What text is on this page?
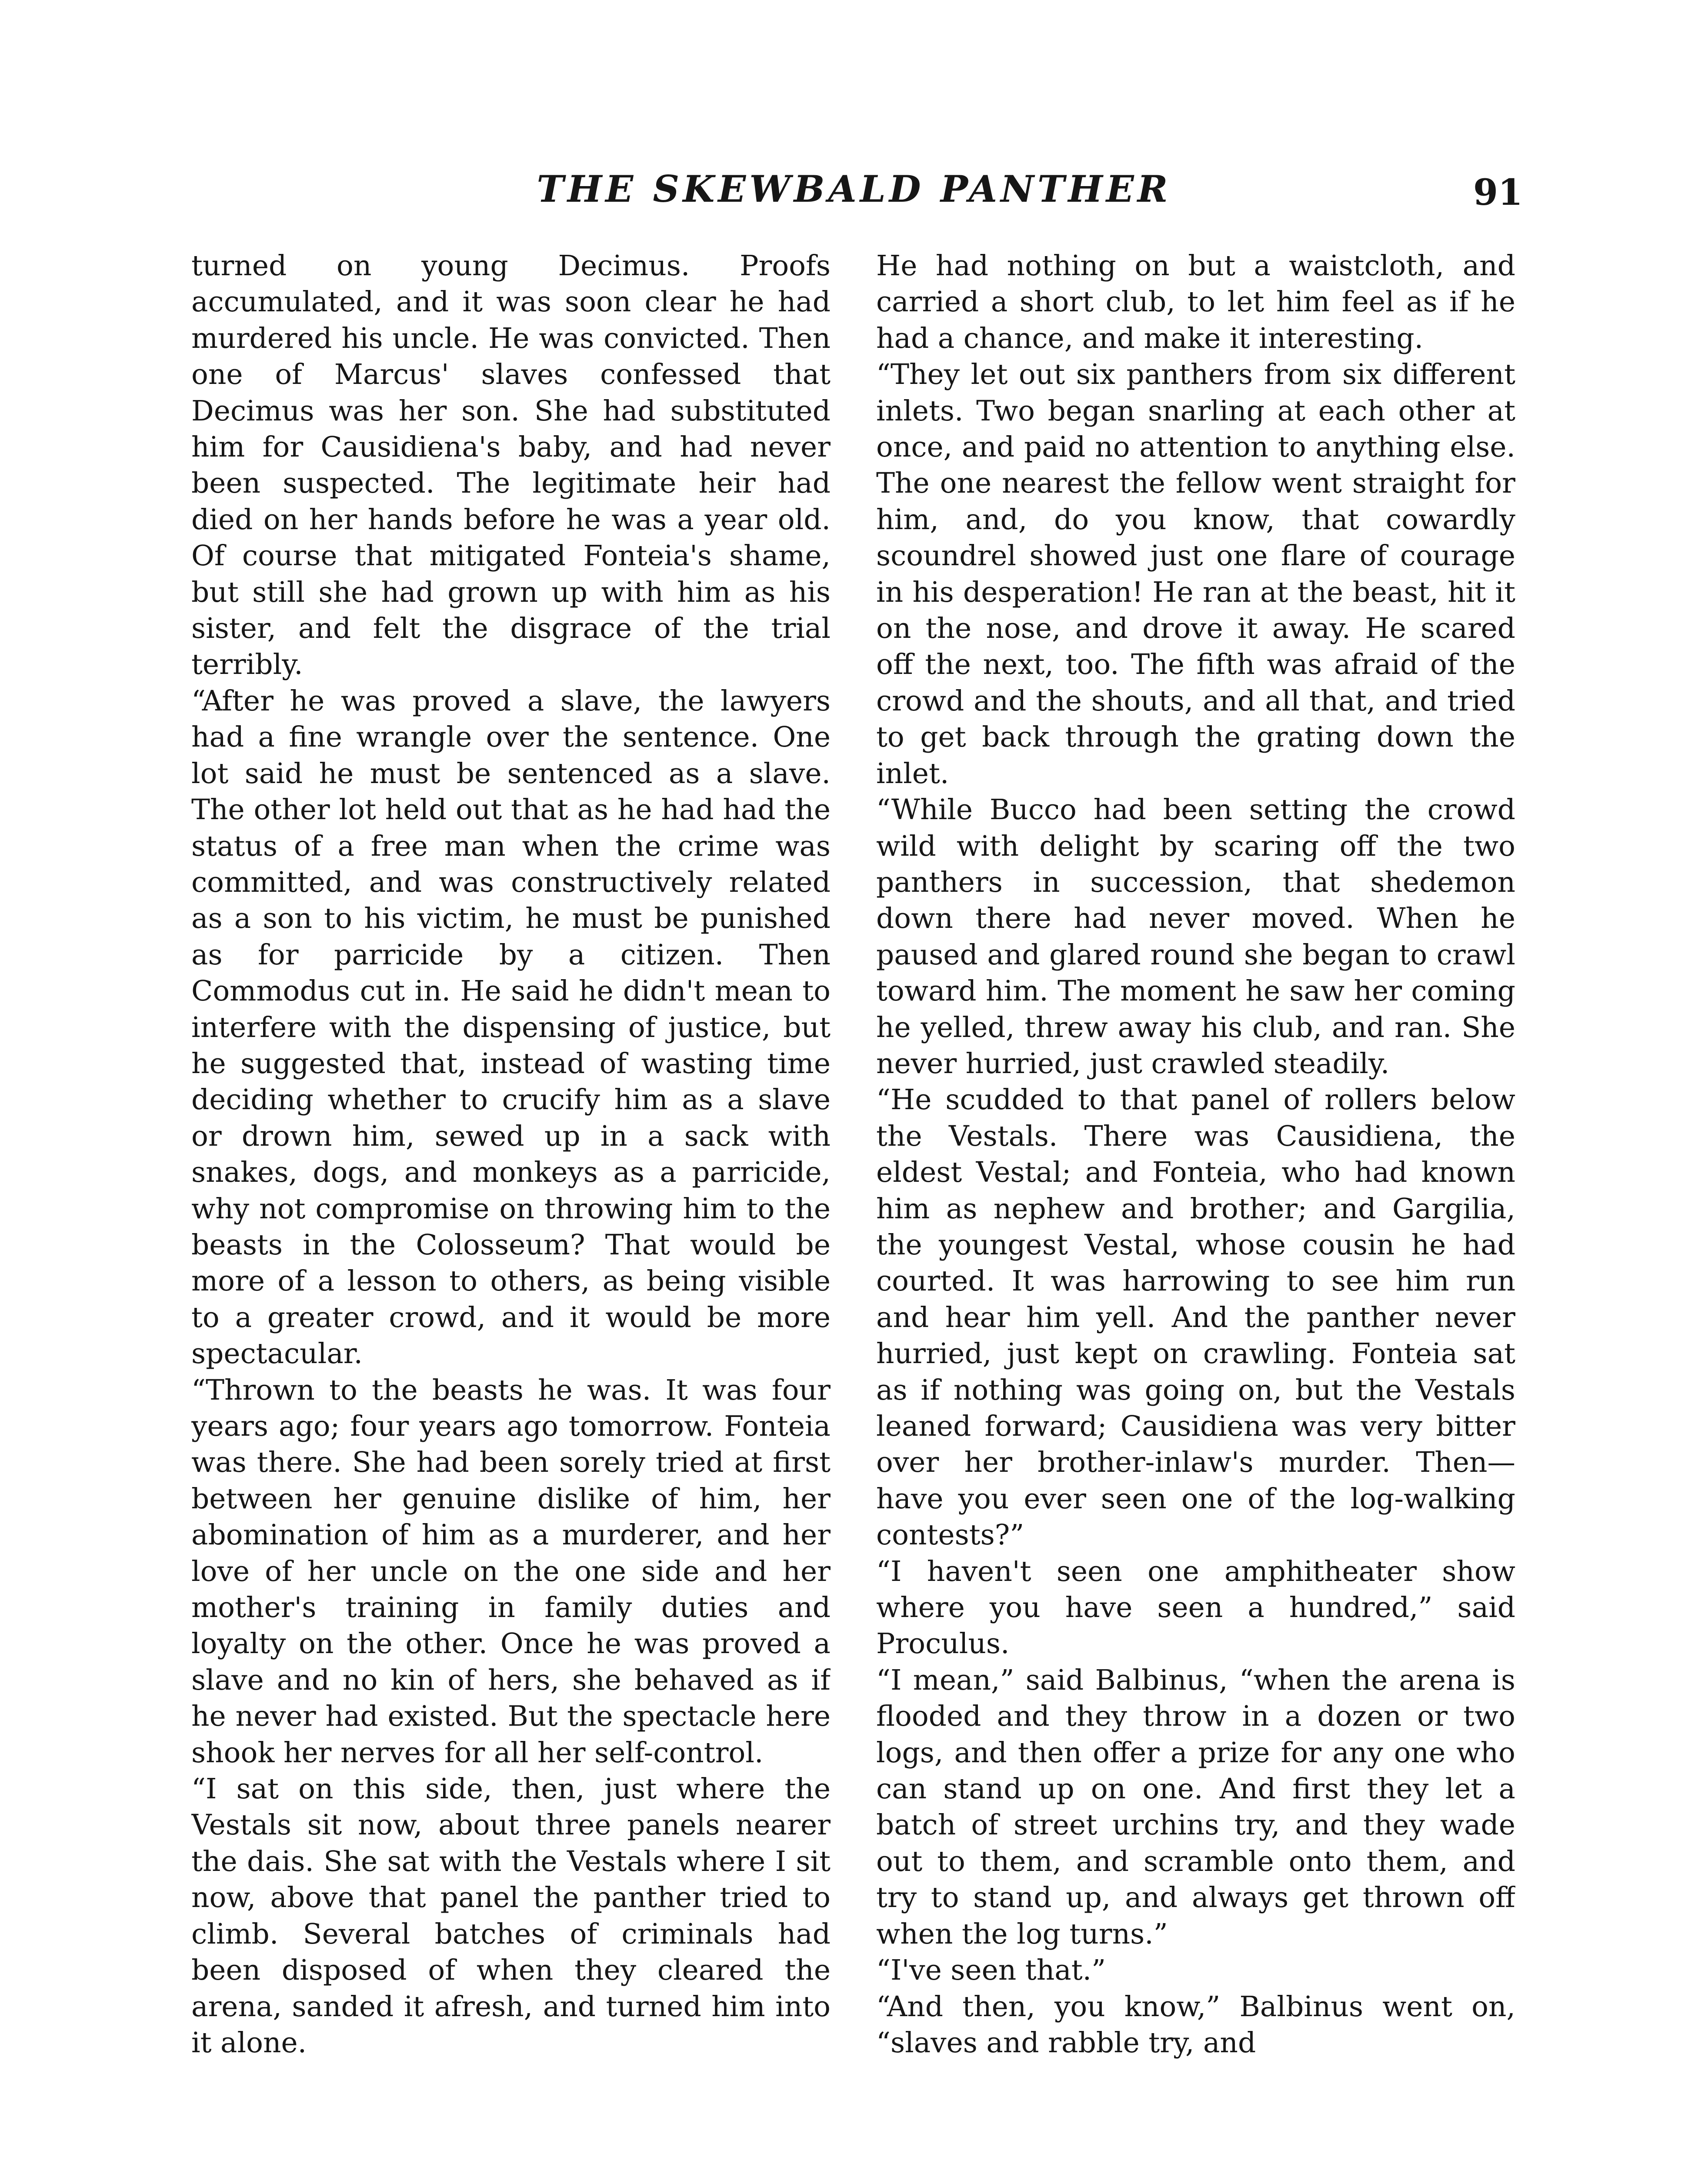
THE SKEWBALD PANTHER	91

turned on young Decimus. Proofs accumulated, and it was soon clear he had murdered his uncle. He was convicted. Then one of Marcus' slaves confessed that Decimus was her son. She had substituted him for Causidiena's baby, and had never been suspected. The legitimate heir had died on her hands before he was a year old. Of course that mitigated Fonteia's shame, but still she had grown up with him as his sister, and felt the disgrace of the trial terribly.
“After he was proved a slave, the lawyers had a fine wrangle over the sentence. One lot said he must be sentenced as a slave. The other lot held out that as he had had the status of a free man when the crime was committed, and was constructively related as a son to his victim, he must be punished as for parricide by a citizen. Then Commodus cut in. He said he didn't mean to interfere with the dispensing of justice, but he suggested that, instead of wasting time deciding whether to crucify him as a slave or drown him, sewed up in a sack with snakes, dogs, and monkeys as a parricide, why not compromise on throwing him to the beasts in the Colosseum? That would be more of a lesson to others, as being visible to a greater crowd, and it would be more spectacular.
“Thrown to the beasts he was. It was four years ago; four years ago tomorrow. Fonteia was there. She had been sorely tried at first between her genuine dislike of him, her abomination of him as a murderer, and her love of her uncle on the one side and her mother's training in family duties and loyalty on the other. Once he was proved a slave and no kin of hers, she behaved as if he never had existed. But the spectacle here shook her nerves for all her self-control.
“I sat on this side, then, just where the Vestals sit now, about three panels nearer the dais. She sat with the Vestals where I sit now, above that panel the panther tried to climb. Several batches of criminals had been disposed of when they cleared the arena, sanded it afresh, and turned him into it alone.

He had nothing on but a waistcloth, and carried a short club, to let him feel as if he had a chance, and make it interesting.
“They let out six panthers from six different inlets. Two began snarling at each other at once, and paid no attention to anything else. The one nearest the fellow went straight for him, and, do you know, that cowardly scoundrel showed just one flare of courage in his desperation! He ran at the beast, hit it on the nose, and drove it away. He scared off the next, too. The fifth was afraid of the crowd and the shouts, and all that, and tried to get back through the grating down the inlet.
“While Bucco had been setting the crowd wild with delight by scaring off the two panthers in succession, that shedemon down there had never moved. When he paused and glared round she began to crawl toward him. The moment he saw her coming he yelled, threw away his club, and ran. She never hurried, just crawled steadily.
“He scudded to that panel of rollers below the Vestals. There was Causidiena, the eldest Vestal; and Fonteia, who had known him as nephew and brother; and Gargilia, the youngest Vestal, whose cousin he had courted. It was harrowing to see him run and hear him yell. And the panther never hurried, just kept on crawling. Fonteia sat as if nothing was going on, but the Vestals leaned forward; Causidiena was very bitter over her brother-inlaw's murder. Then—have you ever seen one of the log-walking contests?”
“I haven't seen one amphitheater show where you have seen a hundred,” said Proculus.
“I mean,” said Balbinus, “when the arena is flooded and they throw in a dozen or two logs, and then offer a prize for any one who can stand up on one. And first they let a batch of street urchins try, and they wade out to them, and scramble onto them, and try to stand up, and always get thrown off when the log turns.”
“I've seen that.”
“And then, you know,” Balbinus went on, “slaves and rabble try, and
